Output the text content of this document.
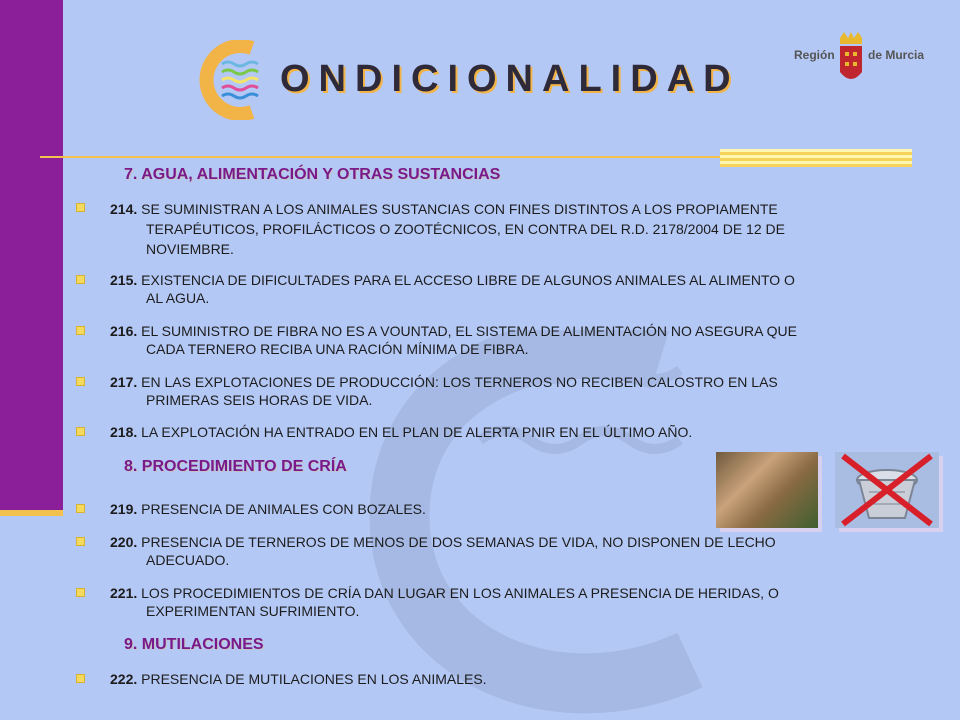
ONDICIONALIDAD
Región	de Murcia
7. AGUA, ALIMENTACIÓN Y OTRAS SUSTANCIAS
214. SE SUMINISTRAN A LOS ANIMALES SUSTANCIAS CON FINES DISTINTOS A LOS PROPIAMENTE
TERAPÉUTICOS, PROFILÁCTICOS O ZOOTÉCNICOS, EN CONTRA DEL R.D. 2178/2004 DE 12 DE
NOVIEMBRE.
215. EXISTENCIA DE DIFICULTADES PARA EL ACCESO LIBRE DE ALGUNOS ANIMALES AL ALIMENTO O
AL AGUA.
216. EL SUMINISTRO DE FIBRA NO ES A VOUNTAD, EL SISTEMA DE ALIMENTACIÓN NO ASEGURA QUE
CADA TERNERO RECIBA UNA RACIÓN MÍNIMA DE FIBRA.
217. EN LAS EXPLOTACIONES DE PRODUCCIÓN: LOS TERNEROS NO RECIBEN CALOSTRO EN LAS
PRIMERAS SEIS HORAS DE VIDA.
218. LA EXPLOTACIÓN HA ENTRADO EN EL PLAN DE ALERTA PNIR EN EL ÚLTIMO AÑO.
8. PROCEDIMIENTO DE CRÍA
219. PRESENCIA DE ANIMALES CON BOZALES.
220. PRESENCIA DE TERNEROS DE MENOS DE DOS SEMANAS DE VIDA, NO DISPONEN DE LECHO
ADECUADO.
221. LOS PROCEDIMIENTOS DE CRÍA DAN LUGAR EN LOS ANIMALES A PRESENCIA DE HERIDAS, O
EXPERIMENTAN SUFRIMIENTO.
9. MUTILACIONES
222. PRESENCIA DE MUTILACIONES EN LOS ANIMALES.
